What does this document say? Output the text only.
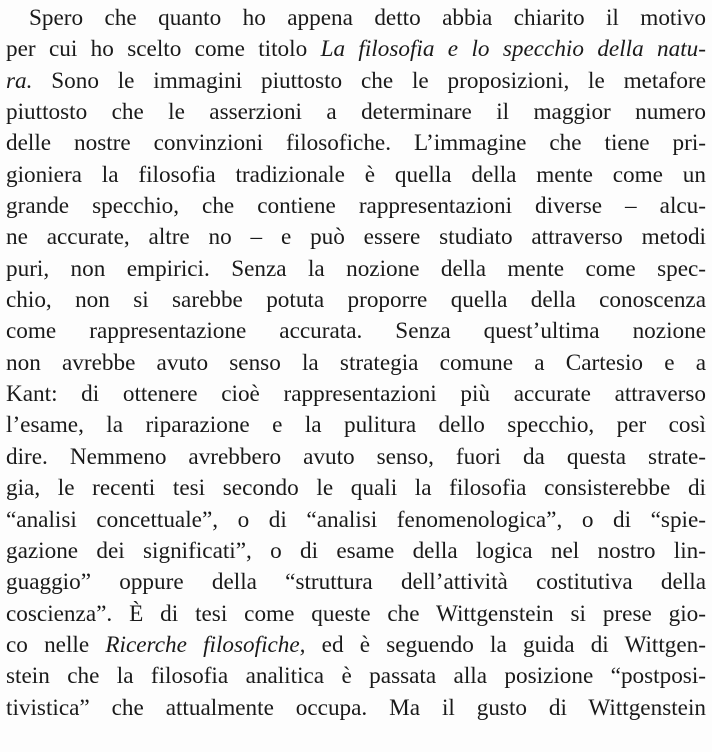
Spero che quanto ho appena detto abbia chiarito il motivo
per cui ho scelto come titolo La filosofia e lo specchio della natu-
ra. Sono le immagini piuttosto che le proposizioni, le metafore
piuttosto che le asserzioni a determinare il maggior numero
delle nostre convinzioni filosofiche. L’immagine che tiene pri-
gioniera la filosofia tradizionale è quella della mente come un
grande specchio, che contiene rappresentazioni diverse – alcu-
ne accurate, altre no – e può essere studiato attraverso metodi
puri, non empirici. Senza la nozione della mente come spec-
chio, non si sarebbe potuta proporre quella della conoscenza
come rappresentazione accurata. Senza quest’ultima nozione
non avrebbe avuto senso la strategia comune a Cartesio e a
Kant: di ottenere cioè rappresentazioni più accurate attraverso
l’esame, la riparazione e la pulitura dello specchio, per così
dire. Nemmeno avrebbero avuto senso, fuori da questa strate-
gia, le recenti tesi secondo le quali la filosofia consisterebbe di
“analisi concettuale”, o di “analisi fenomenologica”, o di “spie-
gazione dei significati”, o di esame della logica nel nostro lin-
guaggio” oppure della “struttura dell’attività costitutiva della
coscienza”. È di tesi come queste che Wittgenstein si prese gio-
co nelle Ricerche filosofiche, ed è seguendo la guida di Wittgen-
stein che la filosofia analitica è passata alla posizione “postposi-
tivistica” che attualmente occupa. Ma il gusto di Wittgenstein
